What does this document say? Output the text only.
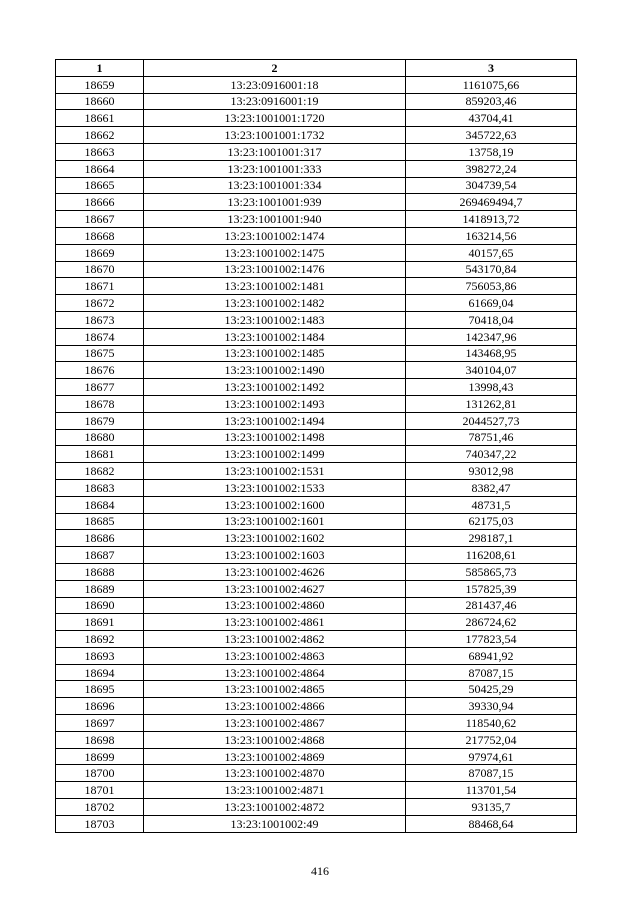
1	2	3
18659	13:23:0916001:18	1161075,66
18660	13:23:0916001:19	859203,46
18661	13:23:1001001:1720	43704,41
18662	13:23:1001001:1732	345722,63
18663	13:23:1001001:317	13758,19
18664	13:23:1001001:333	398272,24
18665	13:23:1001001:334	304739,54
18666	13:23:1001001:939	269469494,7
18667	13:23:1001001:940	1418913,72
18668	13:23:1001002:1474	163214,56
18669	13:23:1001002:1475	40157,65
18670	13:23:1001002:1476	543170,84
18671	13:23:1001002:1481	756053,86
18672	13:23:1001002:1482	61669,04
18673	13:23:1001002:1483	70418,04
18674	13:23:1001002:1484	142347,96
18675	13:23:1001002:1485	143468,95
18676	13:23:1001002:1490	340104,07
18677	13:23:1001002:1492	13998,43
18678	13:23:1001002:1493	131262,81
18679	13:23:1001002:1494	2044527,73
18680	13:23:1001002:1498	78751,46
18681	13:23:1001002:1499	740347,22
18682	13:23:1001002:1531	93012,98
18683	13:23:1001002:1533	8382,47
18684	13:23:1001002:1600	48731,5
18685	13:23:1001002:1601	62175,03
18686	13:23:1001002:1602	298187,1
18687	13:23:1001002:1603	116208,61
18688	13:23:1001002:4626	585865,73
18689	13:23:1001002:4627	157825,39
18690	13:23:1001002:4860	281437,46
18691	13:23:1001002:4861	286724,62
18692	13:23:1001002:4862	177823,54
18693	13:23:1001002:4863	68941,92
18694	13:23:1001002:4864	87087,15
18695	13:23:1001002:4865	50425,29
18696	13:23:1001002:4866	39330,94
18697	13:23:1001002:4867	118540,62
18698	13:23:1001002:4868	217752,04
18699	13:23:1001002:4869	97974,61
18700	13:23:1001002:4870	87087,15
18701	13:23:1001002:4871	113701,54
18702	13:23:1001002:4872	93135,7
18703	13:23:1001002:49	88468,64
416
